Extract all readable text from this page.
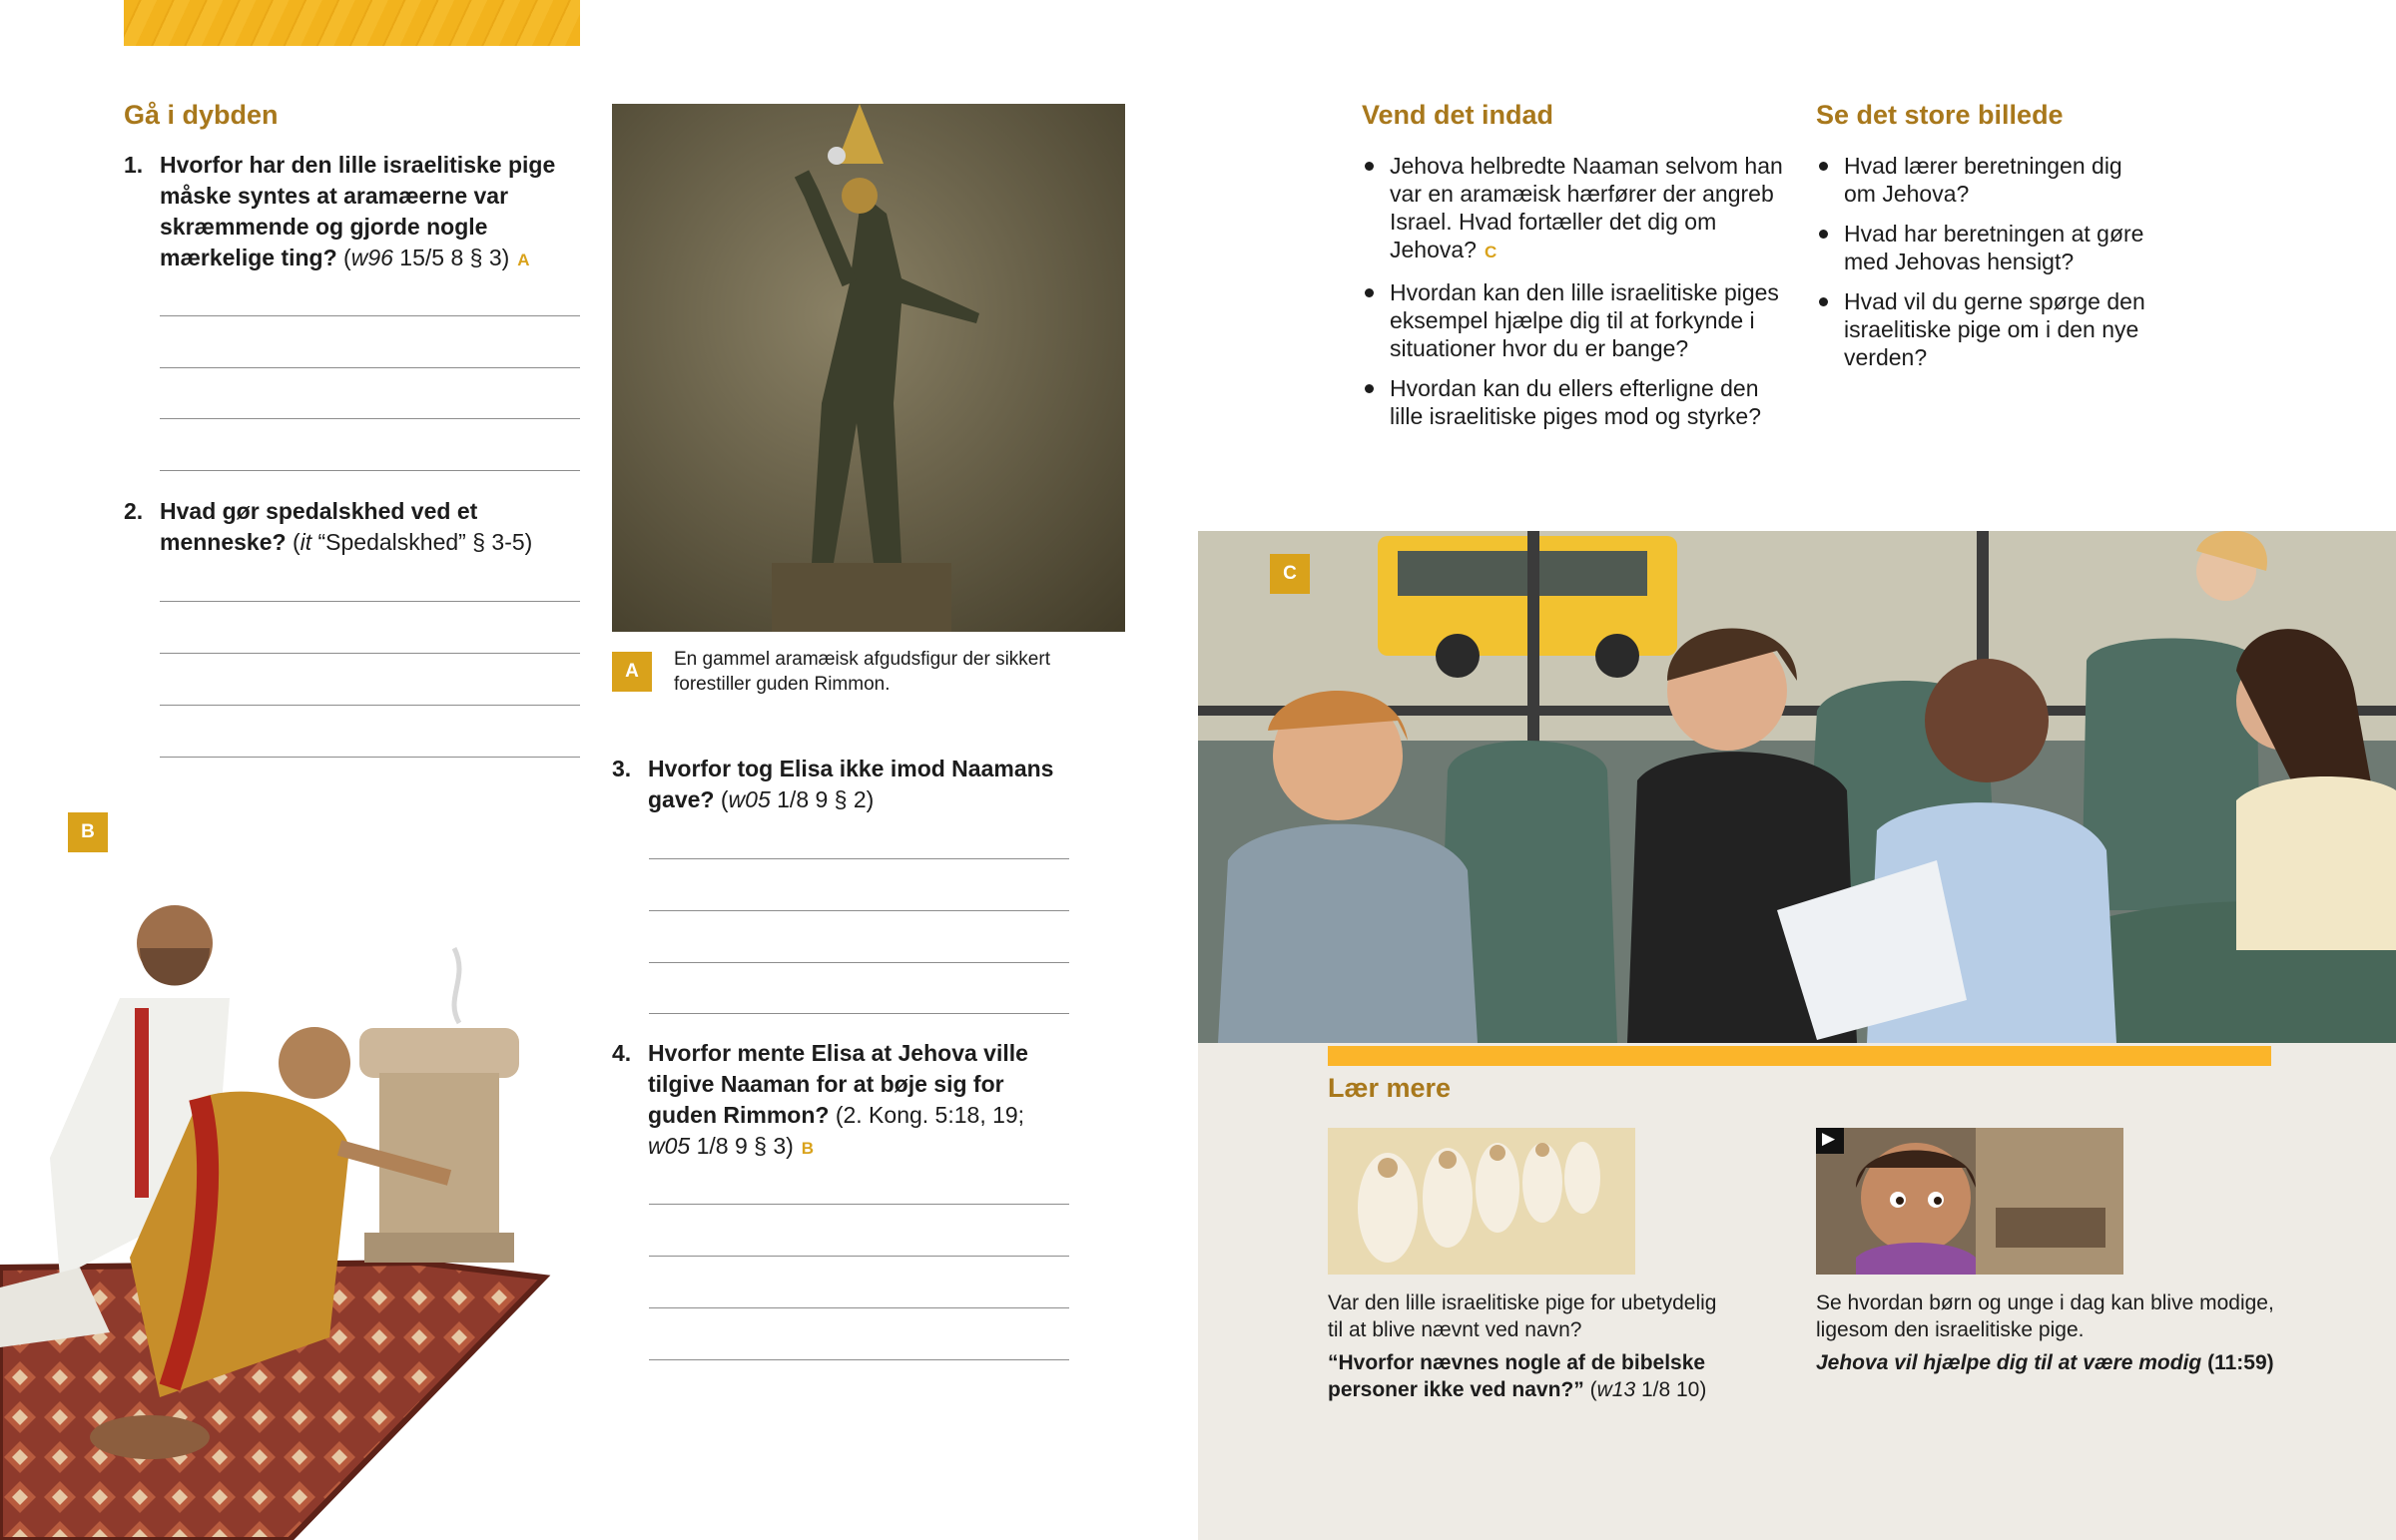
Gå i dybden
1. Hvorfor har den lille israelitiske pige måske syntes at aramæerne var skræmmende og gjorde nogle mærkelige ting? (w96 15/5 8 § 3) A
2. Hvad gør spedalskhed ved et menneske? (it “Spedalskhed” § 3-5)
B
A
En gammel aramæisk afgudsfigur der sikkert forestiller guden Rimmon.
3. Hvorfor tog Elisa ikke imod Naamans gave? (w05 1/8 9 § 2)
4. Hvorfor mente Elisa at Jehova ville tilgive Naaman for at bøje sig for guden Rimmon? (2. Kong. 5:18, 19; w05 1/8 9 § 3) B
Vend det indad
Jehova helbredte Naaman selvom han var en aramæisk hærfører der angreb Israel. Hvad fortæller det dig om Jehova? C
Hvordan kan den lille israelitiske piges eksempel hjælpe dig til at forkynde i situationer hvor du er bange?
Hvordan kan du ellers efterligne den lille israelitiske piges mod og styrke?
Se det store billede
Hvad lærer beretningen dig om Jehova?
Hvad har beretningen at gøre med Jehovas hensigt?
Hvad vil du gerne spørge den israelitiske pige om i den nye verden?
C
Lær mere
Var den lille israelitiske pige for ubetydelig til at blive nævnt ved navn?
“Hvorfor nævnes nogle af de bibelske personer ikke ved navn?” (w13 1/8 10)
▶
Se hvordan børn og unge i dag kan blive modige, ligesom den israelitiske pige.
Jehova vil hjælpe dig til at være modig (11:59)
